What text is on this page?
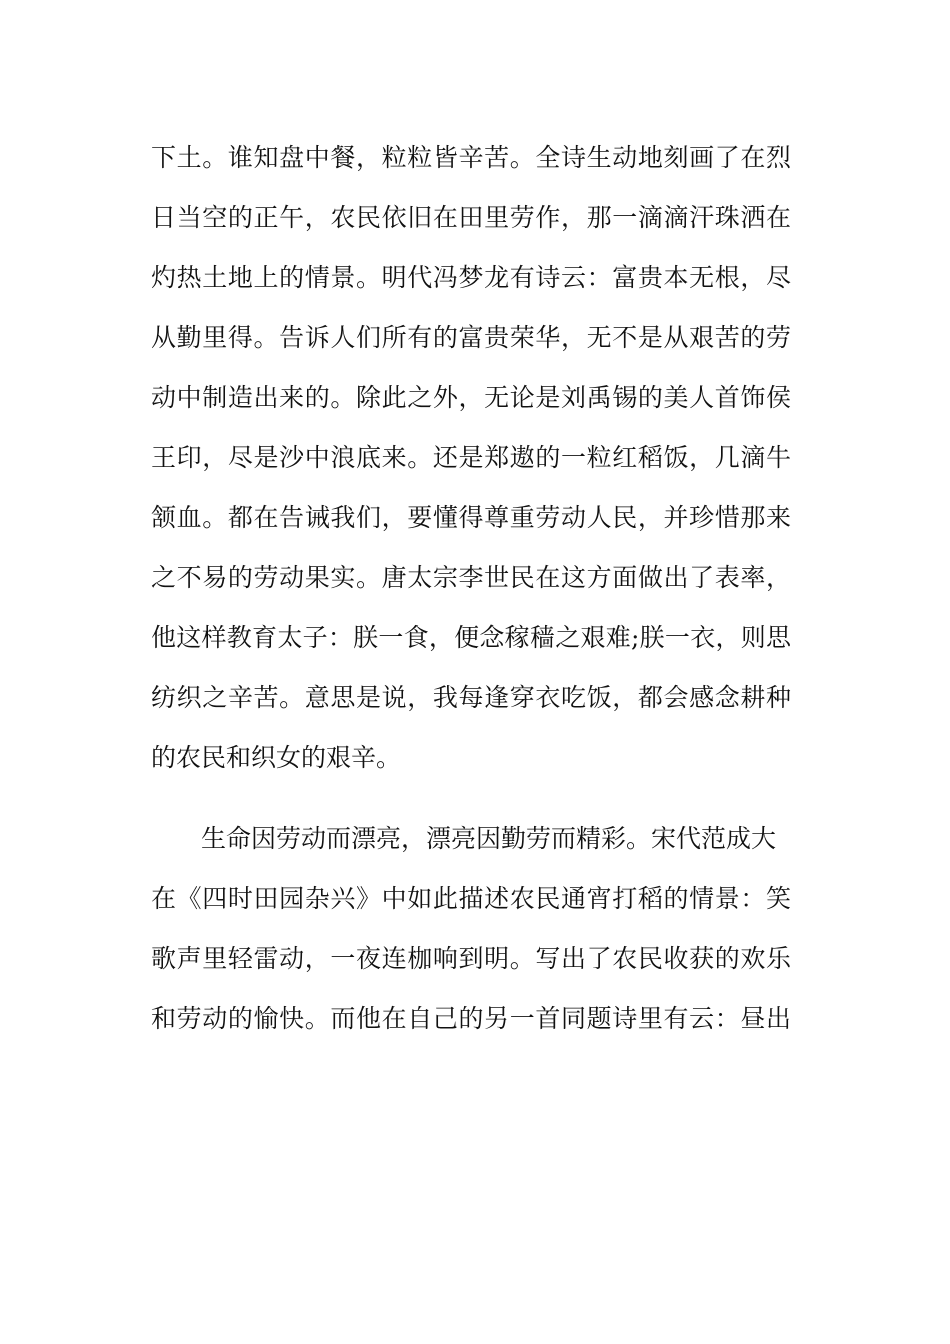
下土。谁知盘中餐，粒粒皆辛苦。全诗生动地刻画了在烈
日当空的正午，农民依旧在田里劳作，那一滴滴汗珠洒在
灼热土地上的情景。明代冯梦龙有诗云：富贵本无根，尽
从勤里得。告诉人们所有的富贵荣华，无不是从艰苦的劳
动中制造出来的。除此之外，无论是刘禹锡的美人首饰侯
王印，尽是沙中浪底来。还是郑遨的一粒红稻饭，几滴牛
颔血。都在告诫我们，要懂得尊重劳动人民，并珍惜那来
之不易的劳动果实。唐太宗李世民在这方面做出了表率，
他这样教育太子：朕一食，便念稼穑之艰难;朕一衣，则思
纺织之辛苦。意思是说，我每逢穿衣吃饭，都会感念耕种
的农民和织女的艰辛。
生命因劳动而漂亮，漂亮因勤劳而精彩。宋代范成大
在《四时田园杂兴》中如此描述农民通宵打稻的情景：笑
歌声里轻雷动，一夜连枷响到明。写出了农民收获的欢乐
和劳动的愉快。而他在自己的另一首同题诗里有云：昼出
